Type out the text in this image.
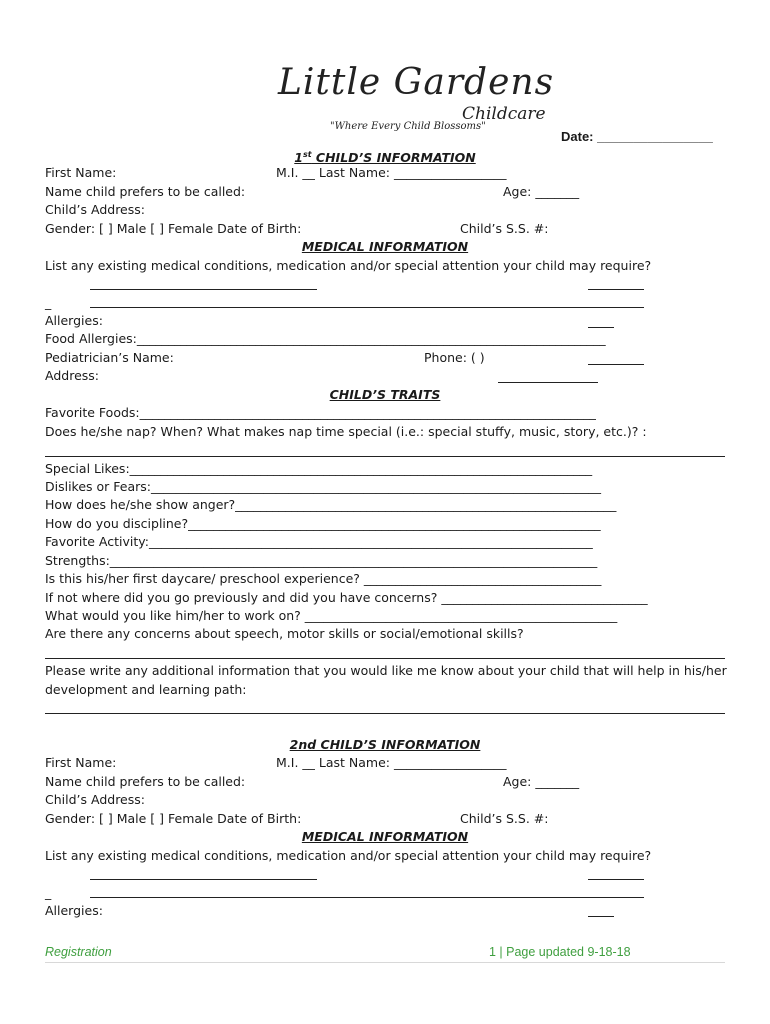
Little Gardens
Childcare
"Where Every Child Blossoms"
Date: ________________
1st CHILD’S INFORMATION
First Name:	M.I. __ Last Name: __________________
Name child prefers to be called:	Age: _______
Child’s Address:
Gender: [ ] Male [ ] Female Date of Birth:	Child’s S.S. #:
MEDICAL INFORMATION
List any existing medical conditions, medication and/or special attention your child may require?
_
Allergies:
Food Allergies:___________________________________________________________________________
Pediatrician’s Name:	Phone: ( )
Address:
CHILD’S TRAITS
Favorite Foods:_________________________________________________________________________
Does he/she nap? When? What makes nap time special (i.e.: special stuffy, music, story, etc.)? :
Special Likes:__________________________________________________________________________
Dislikes or Fears:________________________________________________________________________
How does he/she show anger?_____________________________________________________________
How do you discipline?__________________________________________________________________
Favorite Activity:_______________________________________________________________________
Strengths:______________________________________________________________________________
Is this his/her first daycare/ preschool experience? ______________________________________
If not where did you go previously and did you have concerns? _________________________________
What would you like him/her to work on? __________________________________________________
Are there any concerns about speech, motor skills or social/emotional skills?
Please write any additional information that you would like me know about your child that will help in his/her
development and learning path:
2nd CHILD’S INFORMATION
First Name:	M.I. __ Last Name: __________________
Name child prefers to be called:	Age: _______
Child’s Address:
Gender: [ ] Male [ ] Female Date of Birth:	Child’s S.S. #:
MEDICAL INFORMATION
List any existing medical conditions, medication and/or special attention your child may require?
_
Allergies:
Registration	1 | Page updated 9-18-18
